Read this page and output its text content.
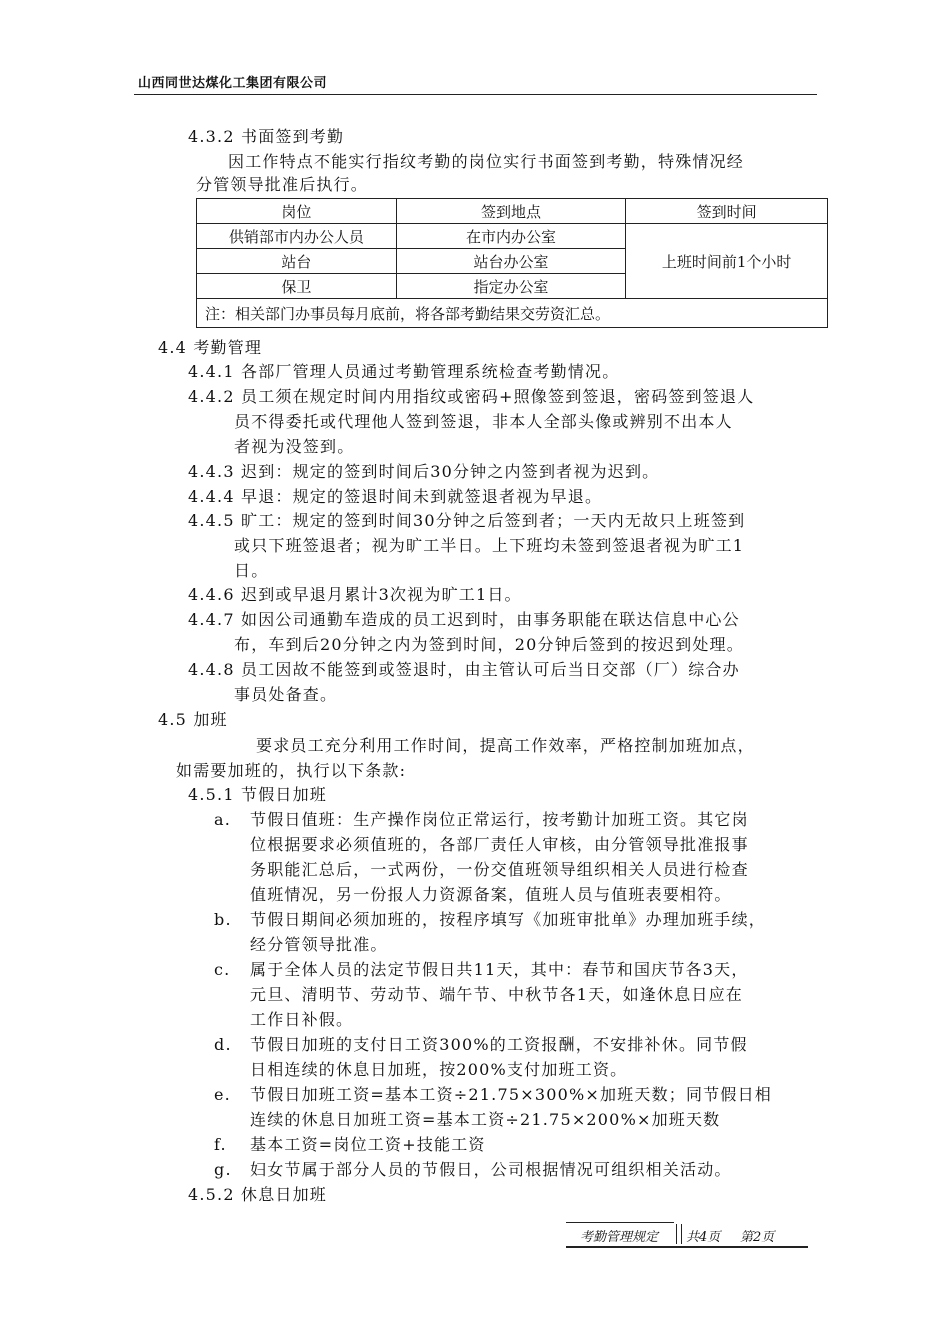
山西同世达煤化工集团有限公司
4.3.2 书面签到考勤
因工作特点不能实行指纹考勤的岗位实行书面签到考勤，特殊情况经
分管领导批准后执行。
岗位	签到地点	签到时间
供销部市内办公人员	在市内办公室	上班时间前1个小时
站台	站台办公室	
保卫	指定办公室	
注：相关部门办事员每月底前，将各部考勤结果交劳资汇总。		
4.4 考勤管理
4.4.1 各部厂管理人员通过考勤管理系统检查考勤情况。
4.4.2 员工须在规定时间内用指纹或密码+照像签到签退，密码签到签退人
员不得委托或代理他人签到签退，非本人全部头像或辨别不出本人
者视为没签到。
4.4.3 迟到：规定的签到时间后30分钟之内签到者视为迟到。
4.4.4 早退：规定的签退时间未到就签退者视为早退。
4.4.5 旷工：规定的签到时间30分钟之后签到者；一天内无故只上班签到
或只下班签退者；视为旷工半日。上下班均未签到签退者视为旷工1
日。
4.4.6 迟到或早退月累计3次视为旷工1日。
4.4.7 如因公司通勤车造成的员工迟到时，由事务职能在联达信息中心公
布，车到后20分钟之内为签到时间，20分钟后签到的按迟到处理。
4.4.8 员工因故不能签到或签退时，由主管认可后当日交部（厂）综合办
事员处备查。
4.5 加班
要求员工充分利用工作时间，提高工作效率，严格控制加班加点，
如需要加班的，执行以下条款:
4.5.1 节假日加班
a. 节假日值班：生产操作岗位正常运行，按考勤计加班工资。其它岗
位根据要求必须值班的，各部厂责任人审核，由分管领导批准报事
务职能汇总后，一式两份，一份交值班领导组织相关人员进行检查
值班情况，另一份报人力资源备案，值班人员与值班表要相符。
b. 节假日期间必须加班的，按程序填写《加班审批单》办理加班手续，
经分管领导批准。
c. 属于全体人员的法定节假日共11天，其中：春节和国庆节各3天，
元旦、清明节、劳动节、端午节、中秋节各1天，如逢休息日应在
工作日补假。
d. 节假日加班的支付日工资300%的工资报酬，不安排补休。同节假
日相连续的休息日加班，按200%支付加班工资。
e. 节假日加班工资=基本工资÷21.75×300%×加班天数；同节假日相
连续的休息日加班工资=基本工资÷21.75×200%×加班天数
f. 基本工资=岗位工资+技能工资
g. 妇女节属于部分人员的节假日，公司根据情况可组织相关活动。
4.5.2 休息日加班
考勤管理规定 共4页 第2页
